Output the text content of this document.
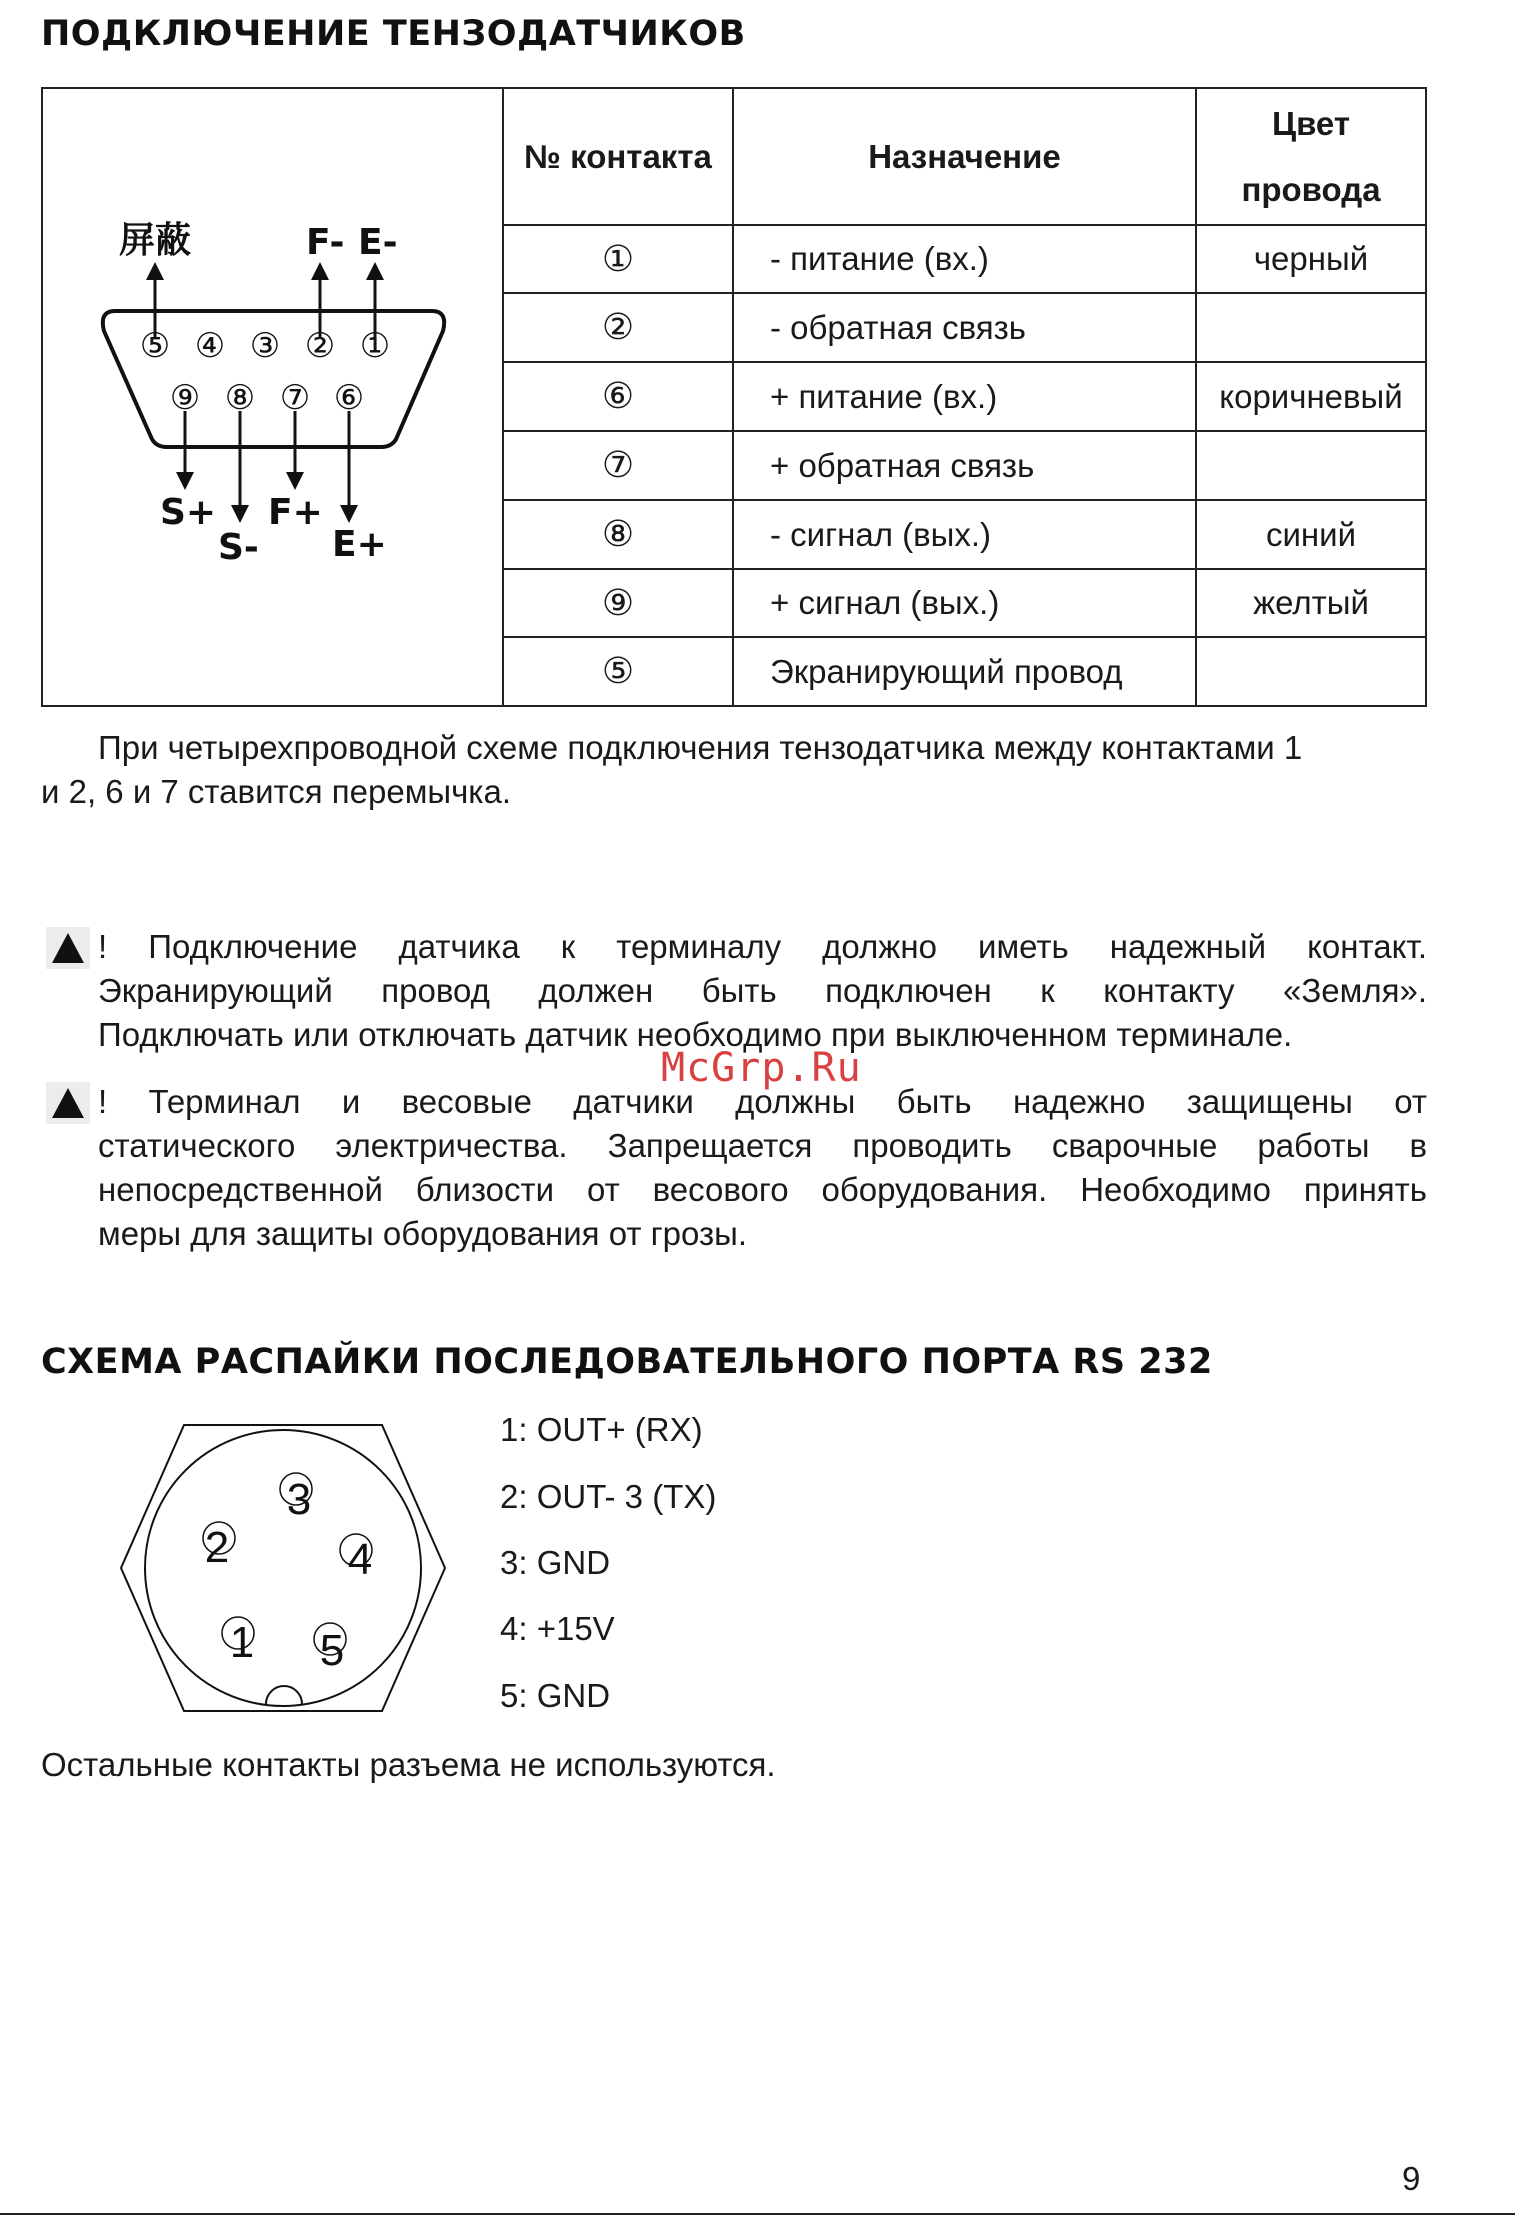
ПОДКЛЮЧЕНИЕ ТЕНЗОДАТЧИКОВ
№ контакта	Назначение
Цвет
провода
①	- питание (вх.)	черный
②	- обратная связь
⑥	+ питание (вх.)	коричневый
⑦	+ обратная связь
⑧	- сигнал (вых.)	синий
⑨	+ сигнал (вых.)	желтый
⑤	Экранирующий провод
⑤ ④ ③ ② ①
⑨ ⑧ ⑦ ⑥
屏蔽	F- E-
S+
S-
F+
E+

При четырехпроводной схеме подключения тензодатчика между контактами 1

и 2, 6 и 7 ставится перемычка.

! Подключение датчика к терминалу должно иметь надежный контакт.

Экранирующий провод должен быть подключен к контакту «Земля».

Подключать или отключать датчик необходимо при выключенном терминале.

! Терминал и весовые датчики должны быть надежно защищены от

статического электричества. Запрещается проводить сварочные работы в

непосредственной близости от весового оборудования. Необходимо принять

меры для защиты оборудования от грозы.

McGrp.Ru
СХЕМА РАСПАЙКИ ПОСЛЕДОВАТЕЛЬНОГО ПОРТА RS 232
3
2	4
1 5
1: OUT+ (RX)
2: OUT- 3 (TX)
3: GND
4: +15V
5: GND

Остальные контакты разъема не используются.

9
